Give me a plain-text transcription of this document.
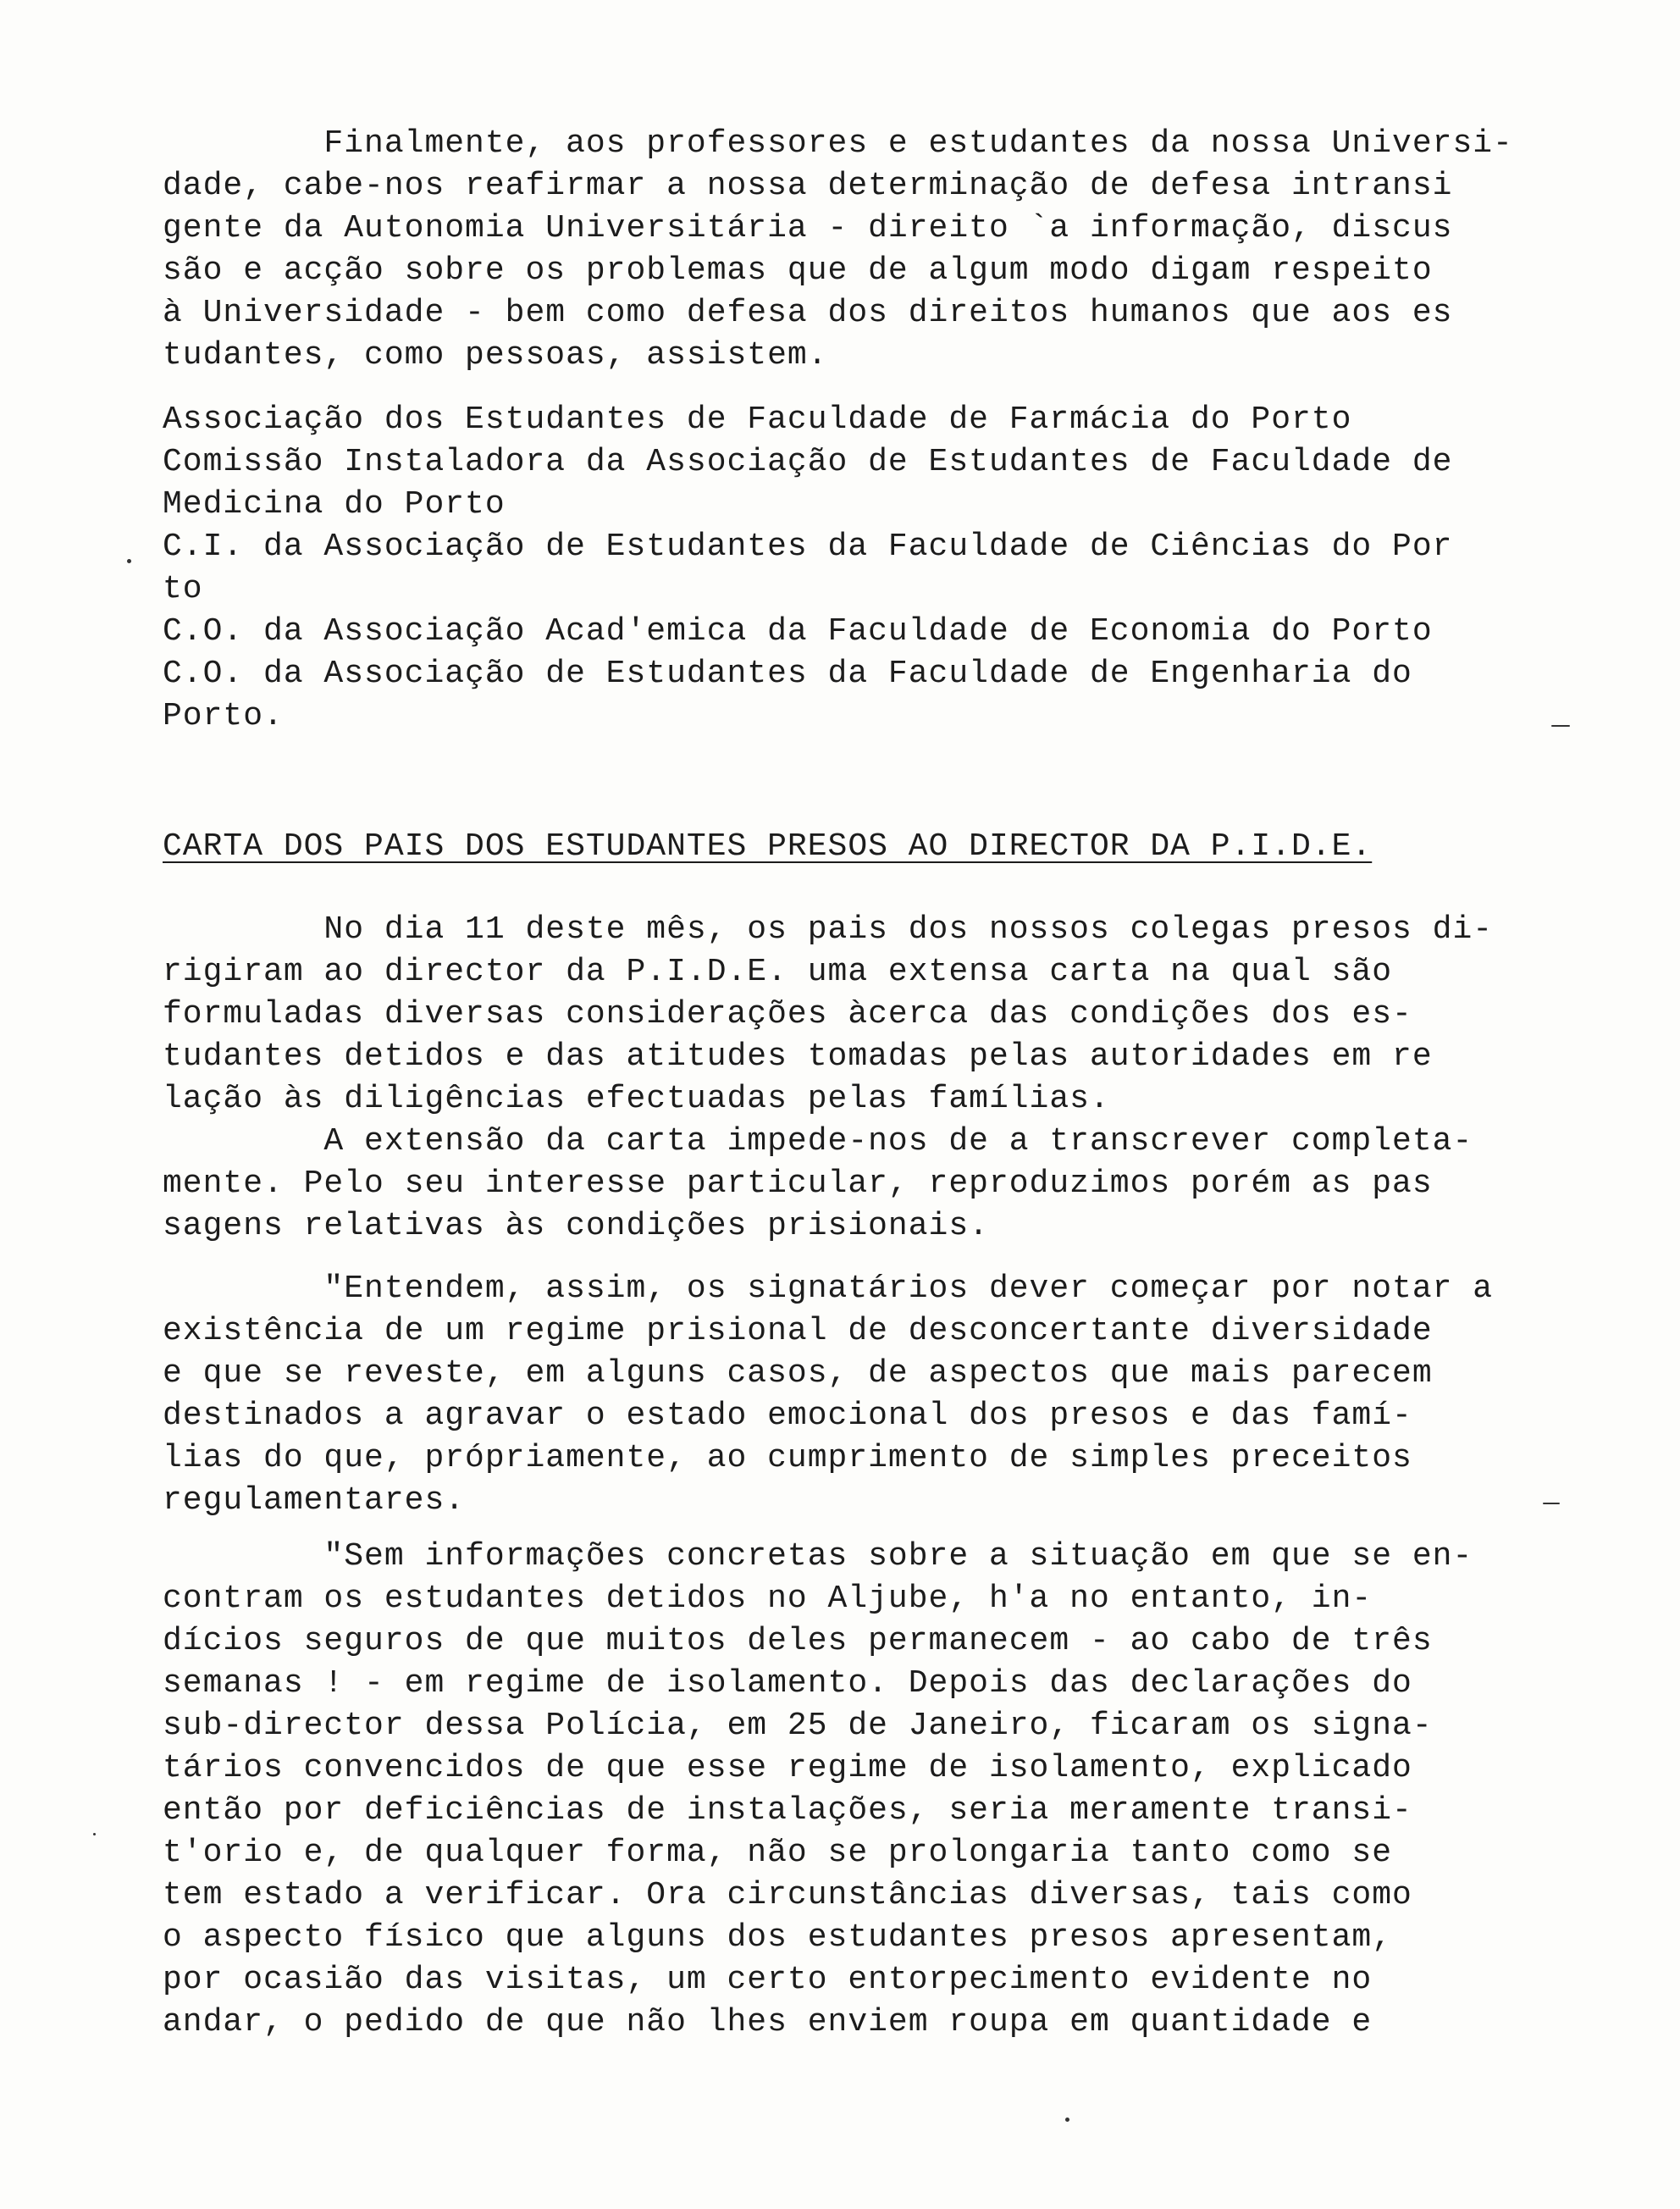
Finalmente, aos professores e estudantes da nossa Universi-
dade, cabe-nos reafirmar a nossa determinação de defesa intransi
gente da Autonomia Universitária - direito `a informação, discus
são e acção sobre os problemas que de algum modo digam respeito
à Universidade - bem como defesa dos direitos humanos que aos es
tudantes, como pessoas, assistem.
Associação dos Estudantes de Faculdade de Farmácia do Porto
Comissão Instaladora da Associação de Estudantes de Faculdade de
Medicina do Porto
C.I. da Associação de Estudantes da Faculdade de Ciências do Por
to
C.O. da Associação Acad'emica da Faculdade de Economia do Porto
C.O. da Associação de Estudantes da Faculdade de Engenharia do
Porto.
CARTA DOS PAIS DOS ESTUDANTES PRESOS AO DIRECTOR DA P.I.D.E.
No dia 11 deste mês, os pais dos nossos colegas presos di-
rigiram ao director da P.I.D.E. uma extensa carta na qual são
formuladas diversas considerações àcerca das condições dos es-
tudantes detidos e das atitudes tomadas pelas autoridades em re
lação às diligências efectuadas pelas famílias.
A extensão da carta impede-nos de a transcrever completa-
mente. Pelo seu interesse particular, reproduzimos porém as pas
sagens relativas às condições prisionais.
"Entendem, assim, os signatários dever começar por notar a
existência de um regime prisional de desconcertante diversidade
e que se reveste, em alguns casos, de aspectos que mais parecem
destinados a agravar o estado emocional dos presos e das famí-
lias do que, própriamente, ao cumprimento de simples preceitos
regulamentares.
"Sem informações concretas sobre a situação em que se en-
contram os estudantes detidos no Aljube, h'a no entanto, in-
dícios seguros de que muitos deles permanecem - ao cabo de três
semanas ! - em regime de isolamento. Depois das declarações do
sub-director dessa Polícia, em 25 de Janeiro, ficaram os signa-
tários convencidos de que esse regime de isolamento, explicado
então por deficiências de instalações, seria meramente transi-
t'orio e, de qualquer forma, não se prolongaria tanto como se
tem estado a verificar. Ora circunstâncias diversas, tais como
o aspecto físico que alguns dos estudantes presos apresentam,
por ocasião das visitas, um certo entorpecimento evidente no
andar, o pedido de que não lhes enviem roupa em quantidade e
